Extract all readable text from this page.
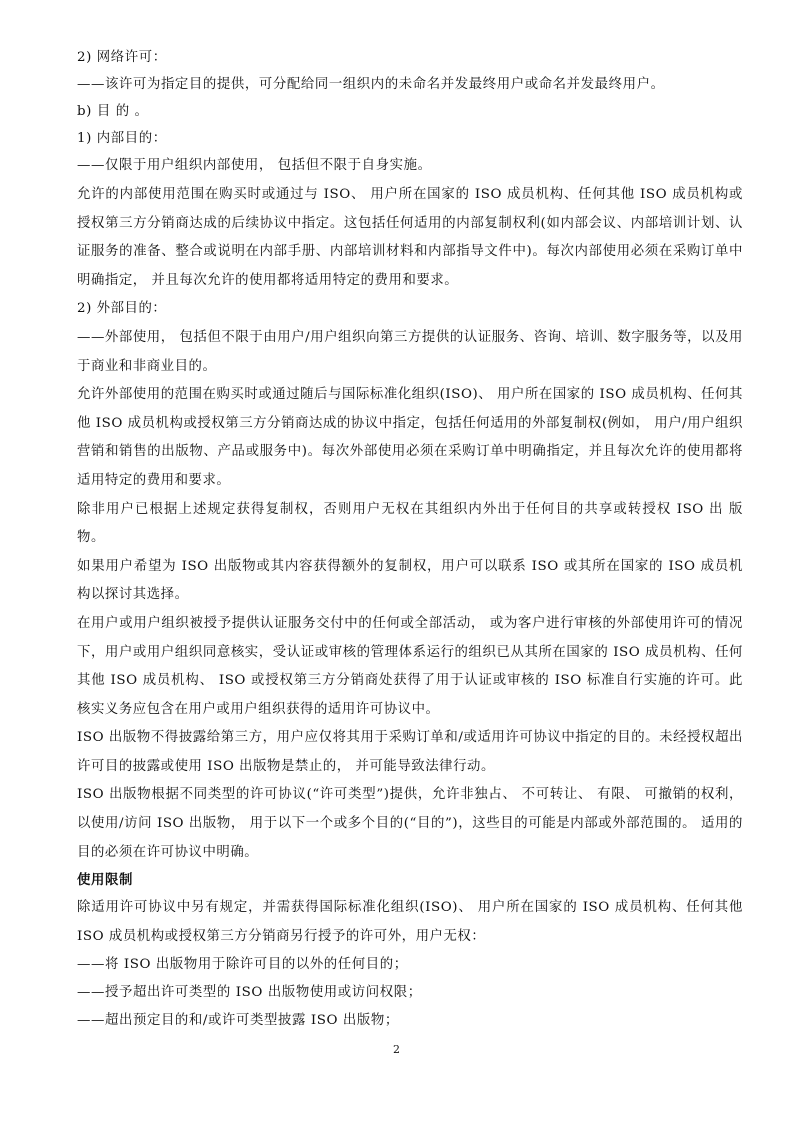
2) 网络许可：
——该许可为指定目的提供，可分配给同一组织内的未命名并发最终用户或命名并发最终用户。
b) 目 的 。
1) 内部目的：
——仅限于用户组织内部使用， 包括但不限于自身实施。

允许的内部使用范围在购买时或通过与 ISO、 用户所在国家的 ISO 成员机构、任何其他 ISO 成员机构或授权第三方分销商达成的后续协议中指定。这包括任何适用的内部复制权利(如内部会议、内部培训计划、认证服务的准备、整合或说明在内部手册、内部培训材料和内部指导文件中)。每次内部使用必须在采购订单中明确指定， 并且每次允许的使用都将适用特定的费用和要求。

2) 外部目的：

——外部使用， 包括但不限于由用户/用户组织向第三方提供的认证服务、咨询、培训、数字服务等，以及用于商业和非商业目的。

允许外部使用的范围在购买时或通过随后与国际标准化组织(ISO)、 用户所在国家的 ISO 成员机构、任何其他 ISO 成员机构或授权第三方分销商达成的协议中指定，包括任何适用的外部复制权(例如， 用户/用户组织营销和销售的出版物、产品或服务中)。每次外部使用必须在采购订单中明确指定，并且每次允许的使用都将适用特定的费用和要求。

除非用户已根据上述规定获得复制权，否则用户无权在其组织内外出于任何目的共享或转授权 ISO 出 版物。

如果用户希望为 ISO 出版物或其内容获得额外的复制权，用户可以联系 ISO 或其所在国家的 ISO 成员机构以探讨其选择。

在用户或用户组织被授予提供认证服务交付中的任何或全部活动， 或为客户进行审核的外部使用许可的情况下，用户或用户组织同意核实，受认证或审核的管理体系运行的组织已从其所在国家的 ISO 成员机构、任何其他 ISO 成员机构、 ISO 或授权第三方分销商处获得了用于认证或审核的 ISO 标准自行实施的许可。此核实义务应包含在用户或用户组织获得的适用许可协议中。

ISO 出版物不得披露给第三方，用户应仅将其用于采购订单和/或适用许可协议中指定的目的。未经授权超出许可目的披露或使用 ISO 出版物是禁止的， 并可能导致法律行动。

ISO 出版物根据不同类型的许可协议(“许可类型”)提供，允许非独占、 不可转让、 有限、 可撤销的权利，以使用/访问 ISO 出版物， 用于以下一个或多个目的(“目的”)，这些目的可能是内部或外部范围的。 适用的目的必须在许可协议中明确。

使用限制

除适用许可协议中另有规定，并需获得国际标准化组织(ISO)、 用户所在国家的 ISO 成员机构、任何其他ISO 成员机构或授权第三方分销商另行授予的许可外，用户无权：

——将 ISO 出版物用于除许可目的以外的任何目的；
——授予超出许可类型的 ISO 出版物使用或访问权限；
——超出预定目的和/或许可类型披露 ISO 出版物；
2
